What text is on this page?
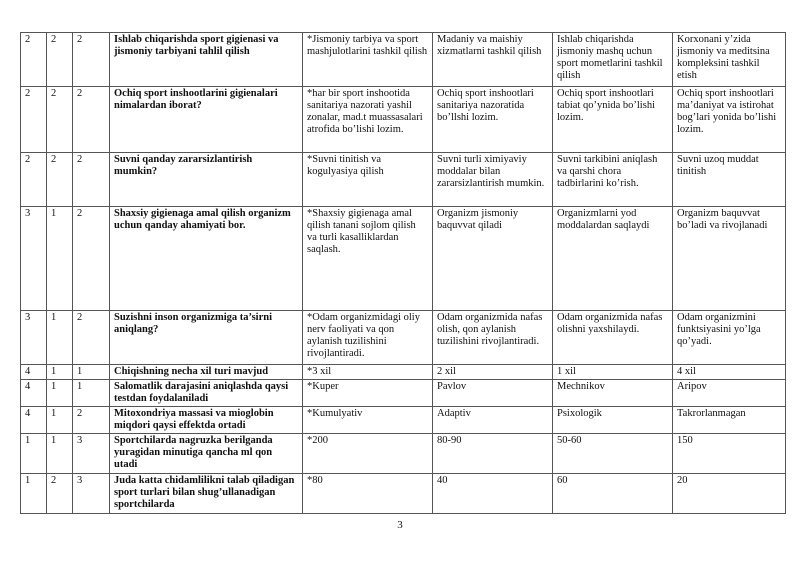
2	2	2	Ishlab chiqarishda sport gigienasi va jismoniy tarbiyani tahlil qilish	*Jismoniy tarbiya va sport mashjulotlarini tashkil qilish	Madaniy va maishiy xizmatlarni tashkil qilish	Ishlab chiqarishda jismoniy mashq uchun sport mometlarini tashkil qilish	Korxonani y’zida jismoniy va meditsina kompleksini tashkil etish
2	2	2	Ochiq sport inshootlarini gigienalari nimalardan iborat?	*har bir sport inshootida sanitariya nazorati yashil zonalar, mad.t muassasalari atrofida bo’lishi lozim.	Ochiq sport inshootlari sanitariya nazoratida bo’llshi lozim.	Ochiq sport inshootlari tabiat qo’ynida bo’lishi lozim.	Ochiq sport inshootlari ma’daniyat va istirohat bog’lari yonida bo’lishi lozim.
2	2	2	Suvni qanday zararsizlantirish mumkin?	*Suvni tinitish va kogulyasiya qilish	Suvni turli ximiyaviy moddalar bilan zararsizlantirish mumkin.	Suvni tarkibini aniqlash va qarshi chora tadbirlarini ko’rish.	Suvni uzoq muddat tinitish
3	1	2	Shaxsiy gigienaga amal qilish organizm uchun qanday ahamiyati bor.	*Shaxsiy gigienaga amal qilish tanani sojlom qilish va turli kasalliklardan saqlash.	Organizm jismoniy baquvvat qiladi	Organizmlarni yod moddalardan saqlaydi	Organizm baquvvat bo’ladi va rivojlanadi
3	1	2	Suzishni inson organizmiga ta’sirni aniqlang?	*Odam organizmidagi oliy nerv faoliyati va qon aylanish tuzilishini rivojlantiradi.	Odam organizmida nafas olish, qon aylanish tuzilishini rivojlantiradi.	Odam organizmida nafas olishni yaxshilaydi.	Odam organizmini funktsiyasini yo’lga qo’yadi.
4	1	1	Chiqishning necha xil turi mavjud	*3 xil	2 xil	1 xil	4 xil
4	1	1	Salomatlik darajasini aniqlashda qaysi testdan foydalaniladi	*Kuper	Pavlov	Mechnikov	Aripov
4	1	2	Mitoxondriya massasi va mioglobin miqdori qaysi effektda ortadi	*Kumulyativ	Adaptiv	Psixologik	Takrorlanmagan
1	1	3	Sportchilarda nagruzka berilganda yuragidan minutiga qancha ml qon utadi	*200	80-90	50-60	150
1	2	3	Juda katta chidamlilikni talab qiladigan sport turlari bilan shug’ullanadigan sportchilarda	*80	40	60	20
3
